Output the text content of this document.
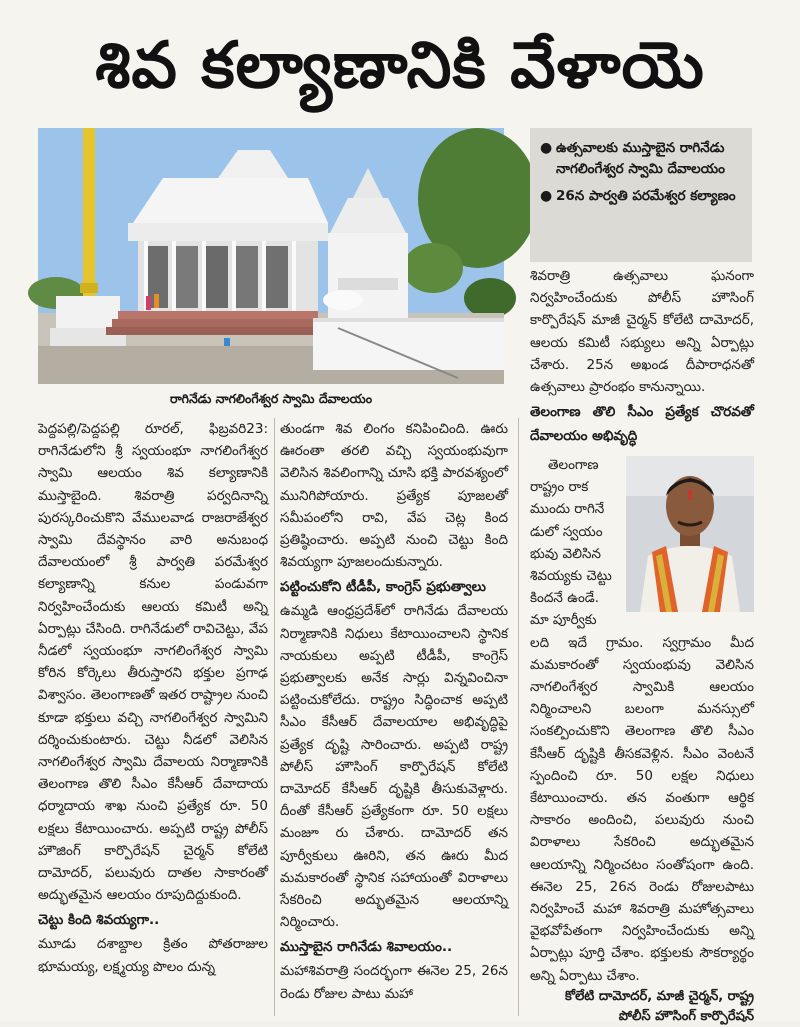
శివ కల్యాణానికి వేళాయె
రాగినేడు నాగలింగేశ్వర స్వామి దేవాలయం
● ఉత్సవాలకు ముస్తాబైన రాగినేడు నాగలింగేశ్వర స్వామి దేవాలయం
● 26న పార్వతి పరమేశ్వర కల్యాణం

పెద్దపల్లి/పెద్దపల్లి రూరల్, ఫిబ్రవరి23: రాగినేడులోని శ్రీ స్వయంభూ నాగలింగేశ్వర స్వామి ఆలయం శివ కల్యాణానికి ముస్తాబైంది. శివరాత్రి పర్వదినాన్ని పురస్కరించుకొని వేములవాడ రాజరాజేశ్వర స్వామి దేవస్థానం వారి అనుబంధ దేవాలయంలో శ్రీ పార్వతి పరమేశ్వర కల్యాణాన్ని కనుల పండువగా నిర్వహించేందుకు ఆలయ కమిటీ అన్ని ఏర్పాట్లు చేసింది. రాగినేడులో రావిచెట్టు, వేప నీడలో స్వయంభూ నాగలింగేశ్వర స్వామి కోరిన కోర్కెలు తీరుస్తారని భక్తుల ప్రగాఢ విశ్వాసం. తెలంగాణతో ఇతర రాష్ట్రాల నుంచి కూడా భక్తులు వచ్చి నాగలింగేశ్వర స్వామిని దర్శించుకుంటారు. చెట్టు నీడలో వెలిసిన నాగలింగేశ్వర స్వామి దేవాలయ నిర్మాణానికి తెలంగాణ తొలి సీఎం కేసీఆర్ దేవాదాయ ధర్మాదాయ శాఖ నుంచి ప్రత్యేక రూ. 50 లక్షలు కేటాయించారు. అప్పటి రాష్ట్ర పోలీస్ హౌజింగ్ కార్పొరేషన్ చైర్మన్ కోలేటి దామోదర్, పలువురు దాతల సాకారంతో అద్భుతమైన ఆలయం రూపుదిద్దుకుంది.

చెట్టు కింది శివయ్యగా..

మూడు దశాబ్దాల క్రితం పోతరాజుల భూమయ్య, లక్ష్మయ్య పొలం దున్న

తుండగా శివ లింగం కనిపించింది. ఊరు ఊరంతా తరలి వచ్చి స్వయంభువుగా వెలిసిన శివలింగాన్ని చూసి భక్తి పారవశ్యంలో మునిగిపోయారు. ప్రత్యేక పూజలతో సమీపంలోని రావి, వేప చెట్ల కింద ప్రతిష్ఠించారు. అప్పటి నుంచి చెట్టు కింది శివయ్యగా పూజలందుకున్నారు.

పట్టించుకోని టీడీపీ, కాంగ్రెస్ ప్రభుత్వాలు

ఉమ్మడి ఆంధ్రప్రదేశ్‌లో రాగినేడు దేవాలయ నిర్మాణానికి నిధులు కేటాయించాలని స్థానిక నాయకులు అప్పటి టీడీపీ, కాంగ్రెస్ ప్రభుత్వాలకు అనేక సార్లు విన్నవించినా పట్టించుకోలేదు. రాష్ట్రం సిద్ధించాక అప్పటి సీఎం కేసీఆర్ దేవాలయాల అభివృద్ధిపై ప్రత్యేక దృష్టి సారించారు. అప్పటి రాష్ట్ర పోలీస్ హౌసింగ్ కార్పొరేషన్ కోలేటి దామోదర్ కేసీఆర్ దృష్టికి తీసుకువెళ్లారు. దీంతో కేసీఆర్ ప్రత్యేకంగా రూ. 50 లక్షలు మంజూ రు చేశారు. దామోదర్ తన పూర్వీకులు ఊరిని, తన ఊరు మీద మమకారంతో స్థానిక సహాయంతో విరాళాలు సేకరించి అద్భుతమైన ఆలయాన్ని నిర్మించారు.

ముస్తాబైన రాగినేడు శివాలయం..

మహాశివరాత్రి సందర్భంగా ఈనెల 25, 26న రెండు రోజుల పాటు మహా

శివరాత్రి ఉత్సవాలు ఘనంగా నిర్వహించేందుకు పోలీస్ హౌసింగ్ కార్పొరేషన్ మాజీ చైర్మన్ కోలేటి దామోదర్, ఆలయ కమిటీ సభ్యులు అన్ని ఏర్పాట్లు చేశారు. 25న అఖండ దీపారాధనతో ఉత్సవాలు ప్రారంభం కానున్నాయి.

తెలంగాణ తొలి సీఎం ప్రత్యేక చొరవతో దేవాలయం అభివృద్ధి

తెలంగాణ
రాష్ట్రం రాక
ముందు రాగినే
డులో స్వయం
భువు వెలిసిన
శివయ్యకు చెట్టు
కిందనే ఉండే.
మా పూర్వీకు

లది ఇదే గ్రామం. స్వగ్రామం మీద మమకారంతో స్వయంభువు వెలిసిన నాగలింగేశ్వర స్వామికి ఆలయం నిర్మించాలని బలంగా మనస్సులో సంకల్పించుకొని తెలంగాణ తొలి సీఎం కేసీఆర్ దృష్టికి తీసకవెళ్లిన. సీఎం వెంటనే స్పందించి రూ. 50 లక్షల నిధులు కేటాయించారు. తన వంతుగా ఆర్థిక సాకారం అందించి, పలువురు నుంచి విరాళాలు సేకరించి అద్భుతమైన ఆలయాన్ని నిర్మించటం సంతోషంగా ఉంది. ఈనెల 25, 26న రెండు రోజులపాటు నిర్వహించే మహా శివరాత్రి మహోత్సవాలు వైభవోపేతంగా నిర్వహించేందుకు అన్ని ఏర్పాట్లు పూర్తి చేశాం. భక్తులకు సౌకర్యార్థం అన్ని ఏర్పాటు చేశాం.

కోలేటి దామోదర్, మాజీ చైర్మన్, రాష్ట్ర

పోలీస్ హౌసింగ్ కార్పొరేషన్
